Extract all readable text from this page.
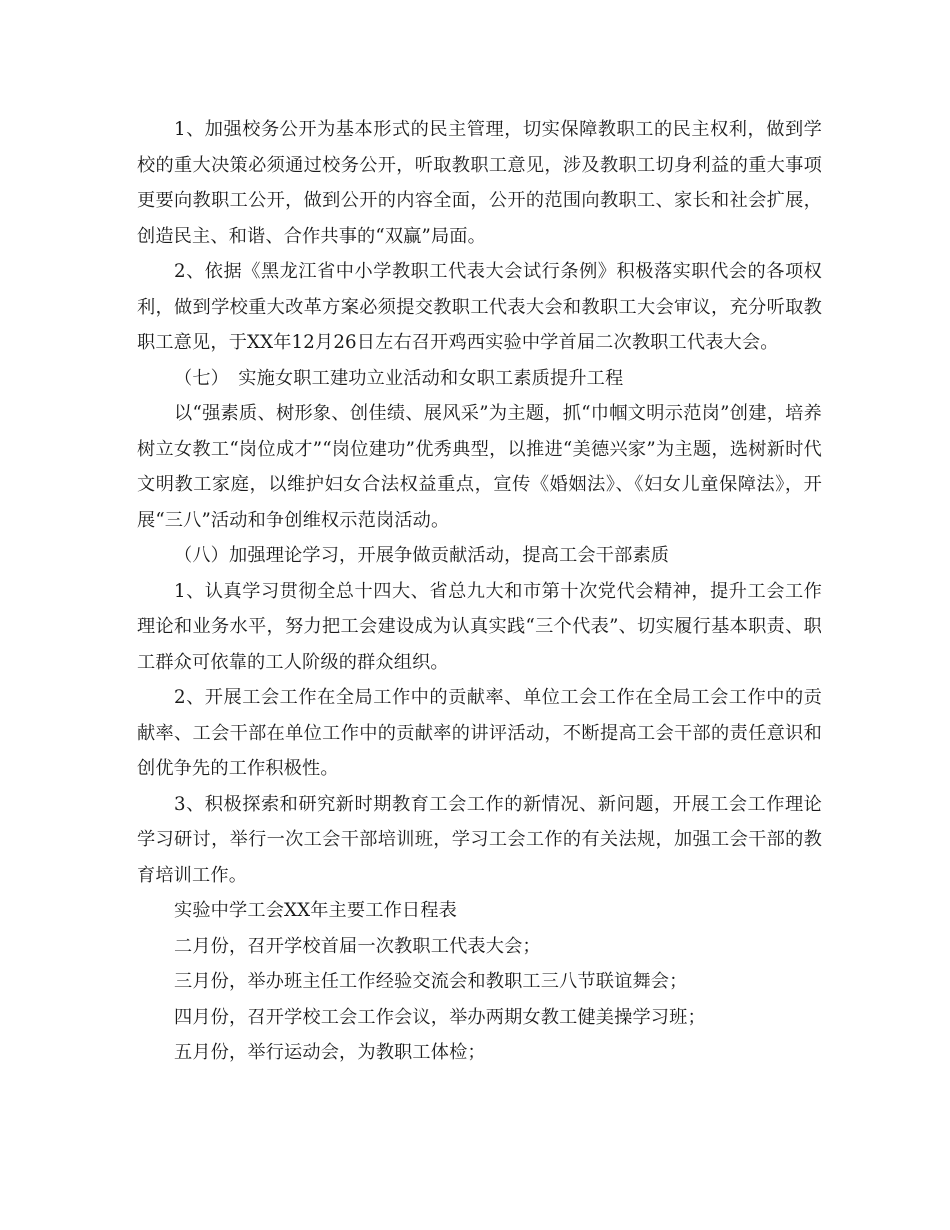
1、加强校务公开为基本形式的民主管理，切实保障教职工的民主权利，做到学校的重大决策必须通过校务公开，听取教职工意见，涉及教职工切身利益的重大事项更要向教职工公开，做到公开的内容全面，公开的范围向教职工、家长和社会扩展，创造民主、和谐、合作共事的“双赢”局面。

2、依据《黑龙江省中小学教职工代表大会试行条例》积极落实职代会的各项权利，做到学校重大改革方案必须提交教职工代表大会和教职工大会审议，充分听取教职工意见，于XX年12月26日左右召开鸡西实验中学首届二次教职工代表大会。

（七）　实施女职工建功立业活动和女职工素质提升工程

以“强素质、树形象、创佳绩、展风采”为主题，抓“巾帼文明示范岗”创建，培养树立女教工“岗位成才”“岗位建功”优秀典型，以推进“美德兴家”为主题，选树新时代文明教工家庭，以维护妇女合法权益重点，宣传《婚姻法》、《妇女儿童保障法》，开展“三八”活动和争创维权示范岗活动。

（八）加强理论学习，开展争做贡献活动，提高工会干部素质

1、认真学习贯彻全总十四大、省总九大和市第十次党代会精神，提升工会工作理论和业务水平，努力把工会建设成为认真实践“三个代表”、切实履行基本职责、职工群众可依靠的工人阶级的群众组织。

2、开展工会工作在全局工作中的贡献率、单位工会工作在全局工会工作中的贡献率、工会干部在单位工作中的贡献率的讲评活动，不断提高工会干部的责任意识和创优争先的工作积极性。

3、积极探索和研究新时期教育工会工作的新情况、新问题，开展工会工作理论学习研讨，举行一次工会干部培训班，学习工会工作的有关法规，加强工会干部的教育培训工作。

实验中学工会XX年主要工作日程表

二月份，召开学校首届一次教职工代表大会；

三月份，举办班主任工作经验交流会和教职工三八节联谊舞会；

四月份，召开学校工会工作会议，举办两期女教工健美操学习班；

五月份，举行运动会，为教职工体检；
